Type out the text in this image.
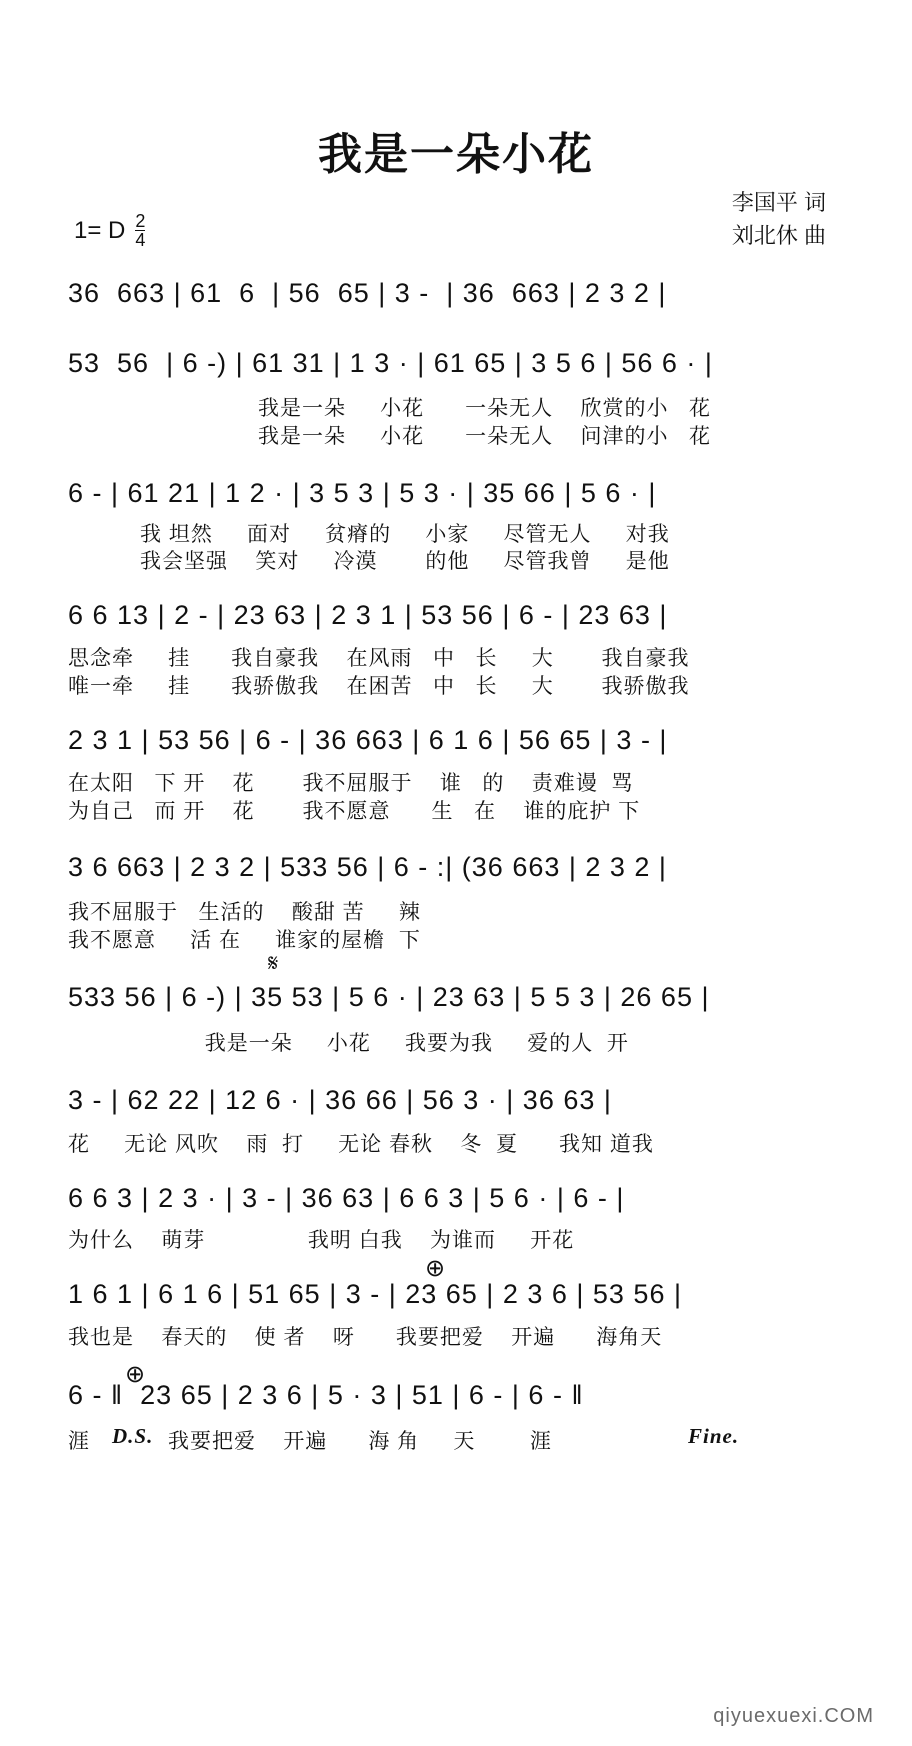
我是一朵小花
1= D $\frac{2}{4}$
李国平 词
刘北休 曲
36  663 | 61  6  | 56  65 | 3 -  | 36  663 | 2 3 2 |
53  56  | 6 -) | 61 31 | 1 3 · | 61 65 | 3 5 6 | 56 6 · |
我是一朵     小花      一朵无人    欣赏的小   花
我是一朵     小花      一朵无人    问津的小   花
6 - | 61 21 | 1 2 · | 3 5 3 | 5 3 · | 35 66 | 5 6 · |
我 坦然     面对     贫瘠的     小家     尽管无人     对我
我会坚强    笑对     冷漠       的他     尽管我曾     是他
6 6 13 | 2 - | 23 63 | 2 3 1 | 53 56 | 6 - | 23 63 |
思念牵     挂      我自豪我    在风雨   中   长     大       我自豪我
唯一牵     挂      我骄傲我    在困苦   中   长     大       我骄傲我
2 3 1 | 53 56 | 6 - | 36 663 | 6 1 6 | 56 65 | 3 - |
在太阳   下 开    花       我不屈服于    谁   的    责难谩  骂
为自己   而 开    花       我不愿意      生   在    谁的庇护 下
3 6 663 | 2 3 2 | 533 56 | 6 - :| (36 663 | 2 3 2 |
我不屈服于   生活的    酸甜 苦     辣
我不愿意     活 在     谁家的屋檐  下
𝄋
533 56 | 6 -) | 35 53 | 5 6 · | 23 63 | 5 5 3 | 26 65 |
我是一朵     小花     我要为我     爱的人  开
3 - | 62 22 | 12 6 · | 36 66 | 56 3 · | 36 63 |
花     无论 风吹    雨  打     无论 春秋    冬  夏      我知 道我
6 6 3 | 2 3 · | 3 - | 36 63 | 6 6 3 | 5 6 · | 6 - |
为什么    萌芽               我明 白我    为谁而     开花
⊕
1 6 1 | 6 1 6 | 51 65 | 3 - | 23 65 | 2 3 6 | 53 56 |
我也是    春天的    使 者    呀      我要把爱    开遍      海角天
⊕
6 - ‖  23 65 | 2 3 6 | 5 · 3 | 51 | 6 - | 6 - ‖
涯	D.S. 我要把爱    开遍      海 角     天        涯	Fine.
qiyuexuexi.COM
